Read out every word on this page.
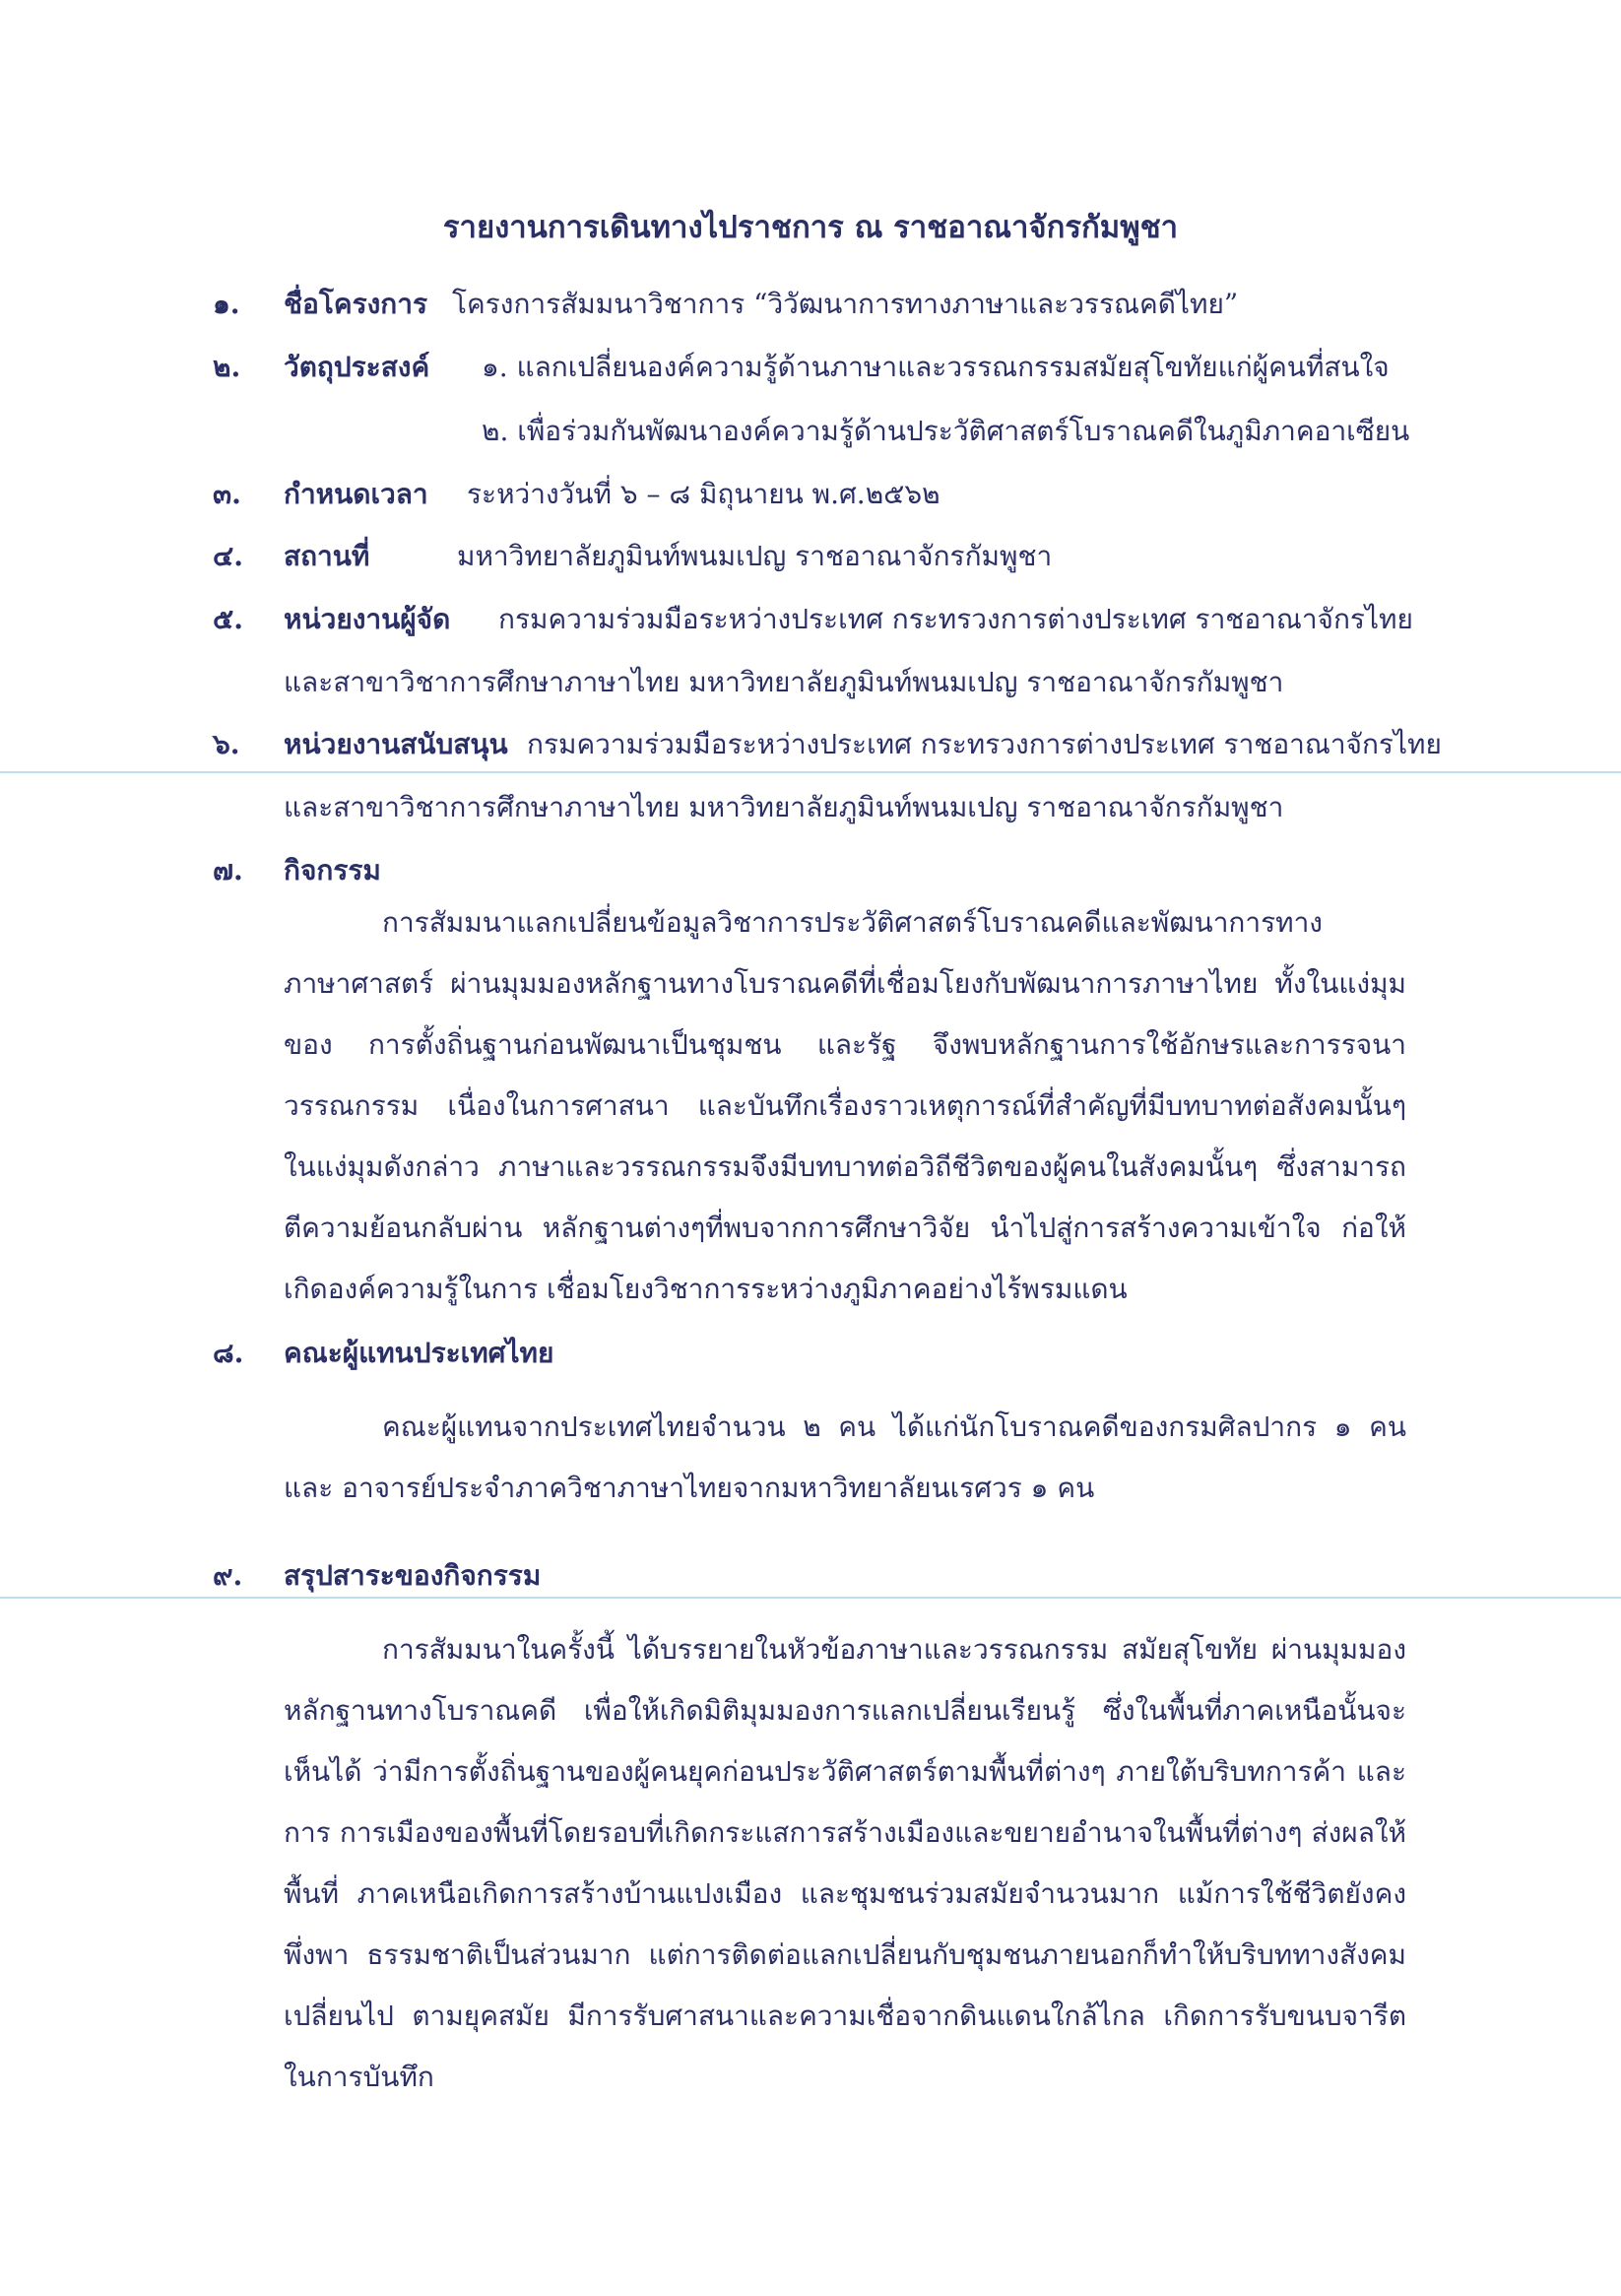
รายงานการเดินทางไปราชการ ณ ราชอาณาจักรกัมพูชา
๑. ชื่อโครงการ โครงการสัมมนาวิชาการ “วิวัฒนาการทางภาษาและวรรณคดีไทย”
๒. วัตถุประสงค์ ๑. แลกเปลี่ยนองค์ความรู้ด้านภาษาและวรรณกรรมสมัยสุโขทัยแก่ผู้คนที่สนใจ
๒. เพื่อร่วมกันพัฒนาองค์ความรู้ด้านประวัติศาสตร์โบราณคดีในภูมิภาคอาเซียน
๓. กำหนดเวลา ระหว่างวันที่ ๖ – ๘ มิถุนายน พ.ศ.๒๕๖๒
๔. สถานที่	มหาวิทยาลัยภูมินท์พนมเปญ ราชอาณาจักรกัมพูชา
๕. หน่วยงานผู้จัด กรมความร่วมมือระหว่างประเทศ กระทรวงการต่างประเทศ ราชอาณาจักรไทย
และสาขาวิชาการศึกษาภาษาไทย มหาวิทยาลัยภูมินท์พนมเปญ ราชอาณาจักรกัมพูชา
๖. หน่วยงานสนับสนุน กรมความร่วมมือระหว่างประเทศ กระทรวงการต่างประเทศ ราชอาณาจักรไทย
และสาขาวิชาการศึกษาภาษาไทย มหาวิทยาลัยภูมินท์พนมเปญ ราชอาณาจักรกัมพูชา
๗. กิจกรรม

การสัมมนาแลกเปลี่ยนข้อมูลวิชาการประวัติศาสตร์โบราณคดีและพัฒนาการทาง ภาษาศาสตร์ ผ่านมุมมองหลักฐานทางโบราณคดีที่เชื่อมโยงกับพัฒนาการภาษาไทย ทั้งในแง่มุมของ การตั้งถิ่นฐานก่อนพัฒนาเป็นชุมชน และรัฐ จึงพบหลักฐานการใช้อักษรและการรจนาวรรณกรรม เนื่องในการศาสนา และบันทึกเรื่องราวเหตุการณ์ที่สำคัญที่มีบทบาทต่อสังคมนั้นๆ ในแง่มุมดังกล่าว ภาษาและวรรณกรรมจึงมีบทบาทต่อวิถีชีวิตของผู้คนในสังคมนั้นๆ ซึ่งสามารถตีความย้อนกลับผ่าน หลักฐานต่างๆที่พบจากการศึกษาวิจัย นำไปสู่การสร้างความเข้าใจ ก่อให้เกิดองค์ความรู้ในการ เชื่อมโยงวิชาการระหว่างภูมิภาคอย่างไร้พรมแดน

๘. คณะผู้แทนประเทศไทย

คณะผู้แทนจากประเทศไทยจำนวน ๒ คน ได้แก่นักโบราณคดีของกรมศิลปากร ๑ คน และ อาจารย์ประจำภาควิชาภาษาไทยจากมหาวิทยาลัยนเรศวร ๑ คน

๙. สรุปสาระของกิจกรรม

การสัมมนาในครั้งนี้ ได้บรรยายในหัวข้อภาษาและวรรณกรรม สมัยสุโขทัย ผ่านมุมมอง หลักฐานทางโบราณคดี เพื่อให้เกิดมิติมุมมองการแลกเปลี่ยนเรียนรู้ ซึ่งในพื้นที่ภาคเหนือนั้นจะเห็นได้ ว่ามีการตั้งถิ่นฐานของผู้คนยุคก่อนประวัติศาสตร์ตามพื้นที่ต่างๆ ภายใต้บริบทการค้า และการ การเมืองของพื้นที่โดยรอบที่เกิดกระแสการสร้างเมืองและขยายอำนาจในพื้นที่ต่างๆ ส่งผลให้พื้นที่ ภาคเหนือเกิดการสร้างบ้านแปงเมือง และชุมชนร่วมสมัยจำนวนมาก แม้การใช้ชีวิตยังคงพึ่งพา ธรรมชาติเป็นส่วนมาก แต่การติดต่อแลกเปลี่ยนกับชุมชนภายนอกก็ทำให้บริบททางสังคมเปลี่ยนไป ตามยุคสมัย มีการรับศาสนาและความเชื่อจากดินแดนใกล้ไกล เกิดการรับขนบจารีตในการบันทึก
